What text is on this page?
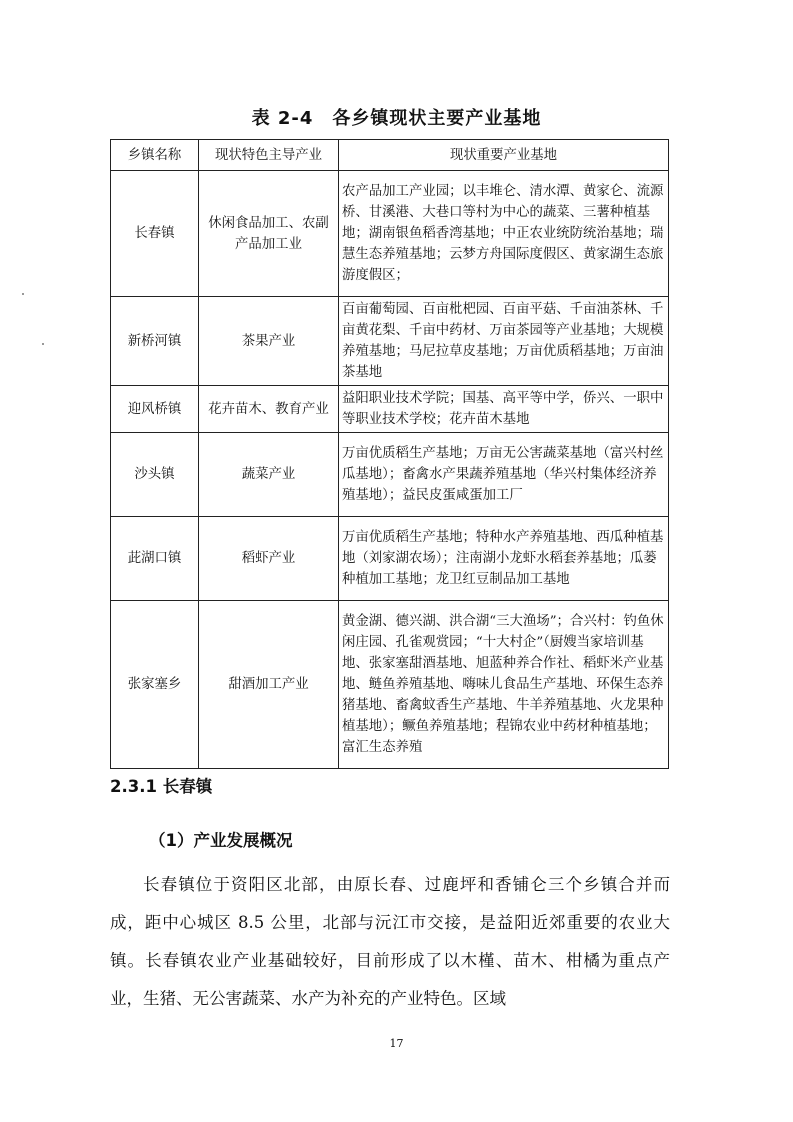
表 2-4　各乡镇现状主要产业基地
乡镇名称	现状特色主导产业	现状重要产业基地
长春镇	休闲食品加工、农副产品加工业	农产品加工产业园；以丰堆仑、清水潭、黄家仑、流源桥、甘溪港、大巷口等村为中心的蔬菜、三薯种植基地；湖南银鱼稻香湾基地；中正农业统防统治基地；瑞慧生态养殖基地；云梦方舟国际度假区、黄家湖生态旅游度假区；
新桥河镇	茶果产业	百亩葡萄园、百亩枇杷园、百亩平菇、千亩油茶林、千亩黄花梨、千亩中药材、万亩茶园等产业基地；大规模养殖基地；马尼拉草皮基地；万亩优质稻基地；万亩油茶基地
迎风桥镇	花卉苗木、教育产业	益阳职业技术学院；国基、高平等中学，侨兴、一职中等职业技术学校；花卉苗木基地
沙头镇	蔬菜产业	万亩优质稻生产基地；万亩无公害蔬菜基地（富兴村丝瓜基地）；畜禽水产果蔬养殖基地（华兴村集体经济养殖基地）；益民皮蛋咸蛋加工厂
茈湖口镇	稻虾产业	万亩优质稻生产基地；特种水产养殖基地、西瓜种植基地（刘家湖农场）；注南湖小龙虾水稻套养基地；瓜蒌种植加工基地；龙卫红豆制品加工基地
张家塞乡	甜酒加工产业	黄金湖、德兴湖、洪合湖“三大渔场”；合兴村：钓鱼休闲庄园、孔雀观赏园；“十大村企”（厨嫂当家培训基地、张家塞甜酒基地、旭蓝种养合作社、稻虾米产业基地、鲢鱼养殖基地、嗨味儿食品生产基地、环保生态养猪基地、畜禽蚊香生产基地、牛羊养殖基地、火龙果种植基地）；鳜鱼养殖基地；程锦农业中药材种植基地；富汇生态养殖
2.3.1 长春镇
（1）产业发展概况

长春镇位于资阳区北部，由原长春、过鹿坪和香铺仑三个乡镇合并而成，距中心城区 8.5 公里，北部与沅江市交接，是益阳近郊重要的农业大镇。长春镇农业产业基础较好，目前形成了以木槿、苗木、柑橘为重点产业，生猪、无公害蔬菜、水产为补充的产业特色。区域

17
